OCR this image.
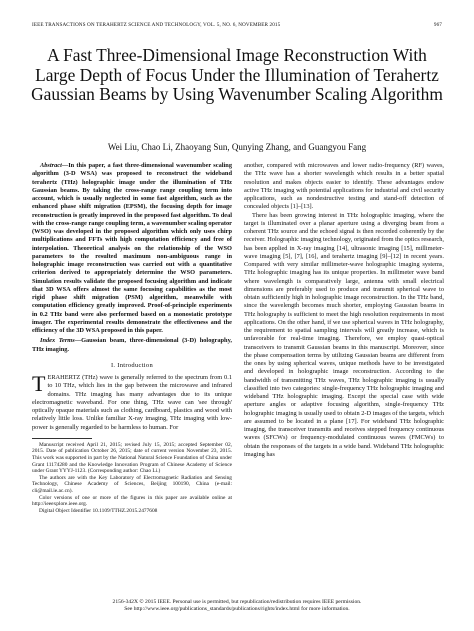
IEEE TRANSACTIONS ON TERAHERTZ SCIENCE AND TECHNOLOGY, VOL. 5, NO. 6, NOVEMBER 2015	967
A Fast Three-Dimensional Image Reconstruction With Large Depth of Focus Under the Illumination of Terahertz Gaussian Beams by Using Wavenumber Scaling Algorithm
Wei Liu, Chao Li, Zhaoyang Sun, Qunying Zhang, and Guangyou Fang

Abstract—In this paper, a fast three-dimensional wavenumber scaling algorithm (3-D WSA) was proposed to reconstruct the wideband terahertz (THz) holographic image under the illumination of THz Gaussian beams. By taking the cross-range range coupling term into account, which is usually neglected in some fast algorithm, such as the enhanced phase shift migration (EPSM), the focusing depth for image reconstruction is greatly improved in the proposed fast algorithm. To deal with the cross-range range coupling term, a wavenumber scaling operator (WSO) was developed in the proposed algorithm which only uses chirp multiplications and FFTs with high computation efficiency and free of interpolation. Theoretical analysis on the relationship of the WSO parameters to the resulted maximum non-ambiguous range in holographic image reconstruction was carried out with a quantitative criterion derived to appropriately determine the WSO parameters. Simulation results validate the proposed focusing algorithm and indicate that 3D WSA offers almost the same focusing capabilities as the most rigid phase shift migration (PSM) algorithm, meanwhile with computation efficiency greatly improved. Proof-of-principle experiments in 0.2 THz band were also performed based on a monostatic prototype imager. The experimental results demonstrate the effectiveness and the efficiency of the 3D WSA proposed in this paper.

Index Terms—Gaussian beam, three-dimensional (3-D) holography, THz imaging.

I. Introduction

TERAHERTZ (THz) wave is generally referred to the spectrum from 0.1 to 10 THz, which lies in the gap between the microwave and infrared domains. THz imaging has many advantages due to its unique electromagnetic waveband. For one thing, THz wave can 'see through' optically opaque materials such as clothing, cardboard, plastics and wood with relatively little loss. Unlike familiar X-ray imaging, THz imaging with low-power is generally regarded to be harmless to human. For

Manuscript received April 21, 2015; revised July 15, 2015; accepted September 02, 2015. Date of publication October 26, 2015; date of current version November 23, 2015. This work was supported in part by the National Natural Science Foundation of China under Grant 11174280 and the Knowledge Innovation Program of Chinese Academy of Science under Grant YYYJ-1123. (Corresponding author: Chao Li.)

The authors are with the Key Laboratory of Electromagnetic Radiation and Sensing Technology, Chinese Academy of Sciences, Beijing 100190, China (e-mail: cli@mail.ie.ac.cn).

Color versions of one or more of the figures in this paper are available online at http://ieeexplore.ieee.org.

Digital Object Identifier 10.1109/TTHZ.2015.2477608

another, compared with microwaves and lower radio-frequency (RF) waves, the THz wave has a shorter wavelength which results in a better spatial resolution and makes objects easier to identify. These advantages endow active THz imaging with potential applications for industrial and civil security applications, such as nondestructive testing and stand-off detection of concealed objects [1]–[13].

There has been growing interest in THz holographic imaging, where the target is illuminated over a planar aperture using a diverging beam from a coherent THz source and the echoed signal is then recorded coherently by the receiver. Holographic imaging technology, originated from the optics research, has been applied in X-ray imaging [14], ultrasonic imaging [15], millimeter-wave imaging [5], [7], [16], and terahertz imaging [9]–[12] in recent years. Compared with very similar millimeter-wave holographic imaging systems, THz holographic imaging has its unique properties. In millimeter wave band where wavelength is comparatively large, antenna with small electrical dimensions are preferably used to produce and transmit spherical wave to obtain sufficiently high in holographic image reconstruction. In the THz band, since the wavelength becomes much shorter, employing Gaussian beams in THz holography is sufficient to meet the high resolution requirements in most applications. On the other hand, if we use spherical waves in THz holography, the requirement to spatial sampling intervals will greatly increase, which is unfavorable for real-time imaging. Therefore, we employ quasi-optical transceivers to transmit Gaussian beams in this manuscript. Moreover, since the phase compensation terms by utilizing Gaussian beams are different from the ones by using spherical waves, unique methods have to be investigated and developed in holographic image reconstruction. According to the bandwidth of transmitting THz waves, THz holographic imaging is usually classified into two categories: single-frequency THz holographic imaging and wideband THz holographic imaging. Except the special case with wide aperture angles or adaptive focusing algorithm, single-frequency THz holographic imaging is usually used to obtain 2-D images of the targets, which are assumed to be located in a plane [17]. For wideband THz holographic imaging, the transceiver transmits and receives stepped frequency continuous waves (SFCWs) or frequency-modulated continuous waves (FMCWs) to obtain the responses of the targets in a wide band. Wideband THz holographic imaging has

2156-342X © 2015 IEEE. Personal use is permitted, but republication/redistribution requires IEEE permission.
See http://www.ieee.org/publications_standards/publications/rights/index.html for more information.
